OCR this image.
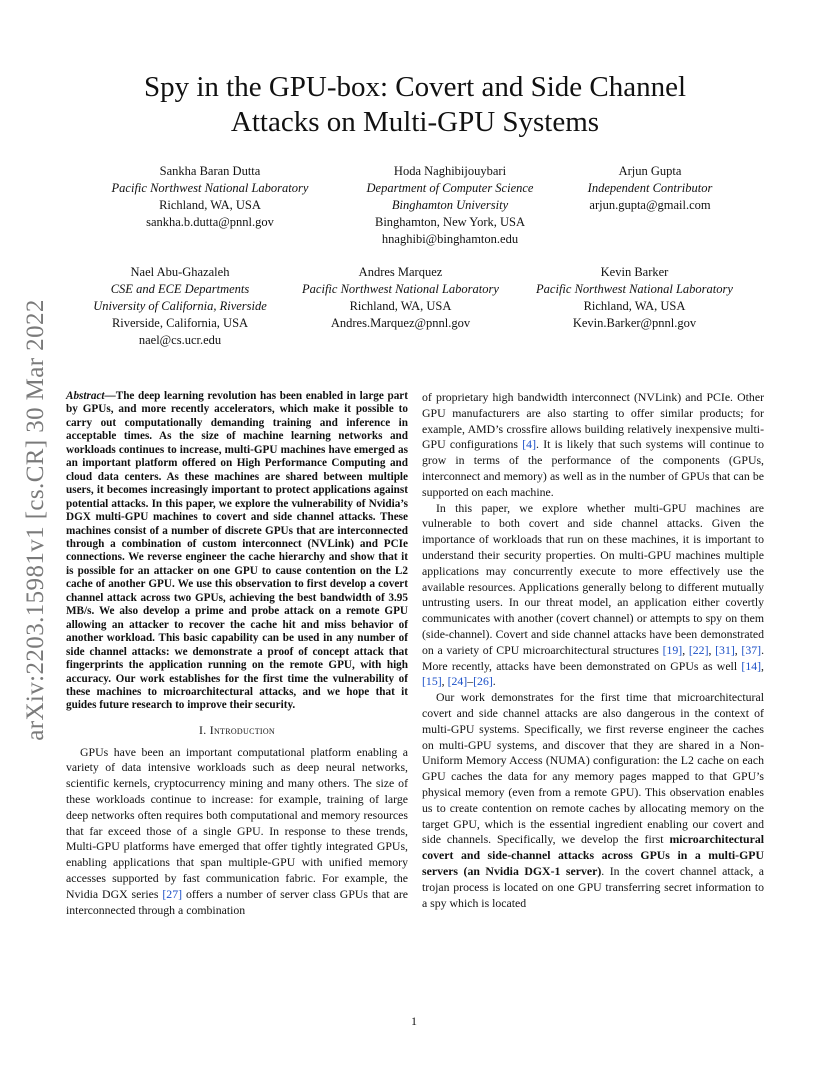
arXiv:2203.15981v1 [cs.CR] 30 Mar 2022
Spy in the GPU-box: Covert and Side Channel
Attacks on Multi-GPU Systems
Sankha Baran Dutta
Pacific Northwest National Laboratory
Richland, WA, USA
sankha.b.dutta@pnnl.gov
Hoda Naghibijouybari
Department of Computer Science
Binghamton University
Binghamton, New York, USA
hnaghibi@binghamton.edu
Arjun Gupta
Independent Contributor
arjun.gupta@gmail.com
Nael Abu-Ghazaleh
CSE and ECE Departments
University of California, Riverside
Riverside, California, USA
nael@cs.ucr.edu
Andres Marquez
Pacific Northwest National Laboratory
Richland, WA, USA
Andres.Marquez@pnnl.gov
Kevin Barker
Pacific Northwest National Laboratory
Richland, WA, USA
Kevin.Barker@pnnl.gov

Abstract—The deep learning revolution has been enabled in large part by GPUs, and more recently accelerators, which make it possible to carry out computationally demanding training and inference in acceptable times. As the size of machine learning networks and workloads continues to increase, multi-GPU machines have emerged as an important platform offered on High Performance Computing and cloud data centers. As these machines are shared between multiple users, it becomes increasingly important to protect applications against potential attacks. In this paper, we explore the vulnerability of Nvidia’s DGX multi-GPU machines to covert and side channel attacks. These machines consist of a number of discrete GPUs that are interconnected through a combination of custom interconnect (NVLink) and PCIe connections. We reverse engineer the cache hierarchy and show that it is possible for an attacker on one GPU to cause contention on the L2 cache of another GPU. We use this observation to first develop a covert channel attack across two GPUs, achieving the best bandwidth of 3.95 MB/s. We also develop a prime and probe attack on a remote GPU allowing an attacker to recover the cache hit and miss behavior of another workload. This basic capability can be used in any number of side channel attacks: we demonstrate a proof of concept attack that fingerprints the application running on the remote GPU, with high accuracy. Our work establishes for the first time the vulnerability of these machines to microarchitectural attacks, and we hope that it guides future research to improve their security.

I. Introduction

GPUs have been an important computational platform enabling a variety of data intensive workloads such as deep neural networks, scientific kernels, cryptocurrency mining and many others. The size of these workloads continue to increase: for example, training of large deep networks often requires both computational and memory resources that far exceed those of a single GPU. In response to these trends, Multi-GPU platforms have emerged that offer tightly integrated GPUs, enabling applications that span multiple-GPU with unified memory accesses supported by fast communication fabric. For example, the Nvidia DGX series [27] offers a number of server class GPUs that are interconnected through a combination

of proprietary high bandwidth interconnect (NVLink) and PCIe. Other GPU manufacturers are also starting to offer similar products; for example, AMD’s crossfire allows building relatively inexpensive multi-GPU configurations [4]. It is likely that such systems will continue to grow in terms of the performance of the components (GPUs, interconnect and memory) as well as in the number of GPUs that can be supported on each machine.

In this paper, we explore whether multi-GPU machines are vulnerable to both covert and side channel attacks. Given the importance of workloads that run on these machines, it is important to understand their security properties. On multi-GPU machines multiple applications may concurrently execute to more effectively use the available resources. Applications generally belong to different mutually untrusting users. In our threat model, an application either covertly communicates with another (covert channel) or attempts to spy on them (side-channel). Covert and side channel attacks have been demonstrated on a variety of CPU microarchitectural structures [19], [22], [31], [37]. More recently, attacks have been demonstrated on GPUs as well [14], [15], [24]–[26].

Our work demonstrates for the first time that microarchitectural covert and side channel attacks are also dangerous in the context of multi-GPU systems. Specifically, we first reverse engineer the caches on multi-GPU systems, and discover that they are shared in a Non-Uniform Memory Access (NUMA) configuration: the L2 cache on each GPU caches the data for any memory pages mapped to that GPU’s physical memory (even from a remote GPU). This observation enables us to create contention on remote caches by allocating memory on the target GPU, which is the essential ingredient enabling our covert and side channels. Specifically, we develop the first microarchitectural covert and side-channel attacks across GPUs in a multi-GPU servers (an Nvidia DGX-1 server). In the covert channel attack, a trojan process is located on one GPU transferring secret information to a spy which is located

1
